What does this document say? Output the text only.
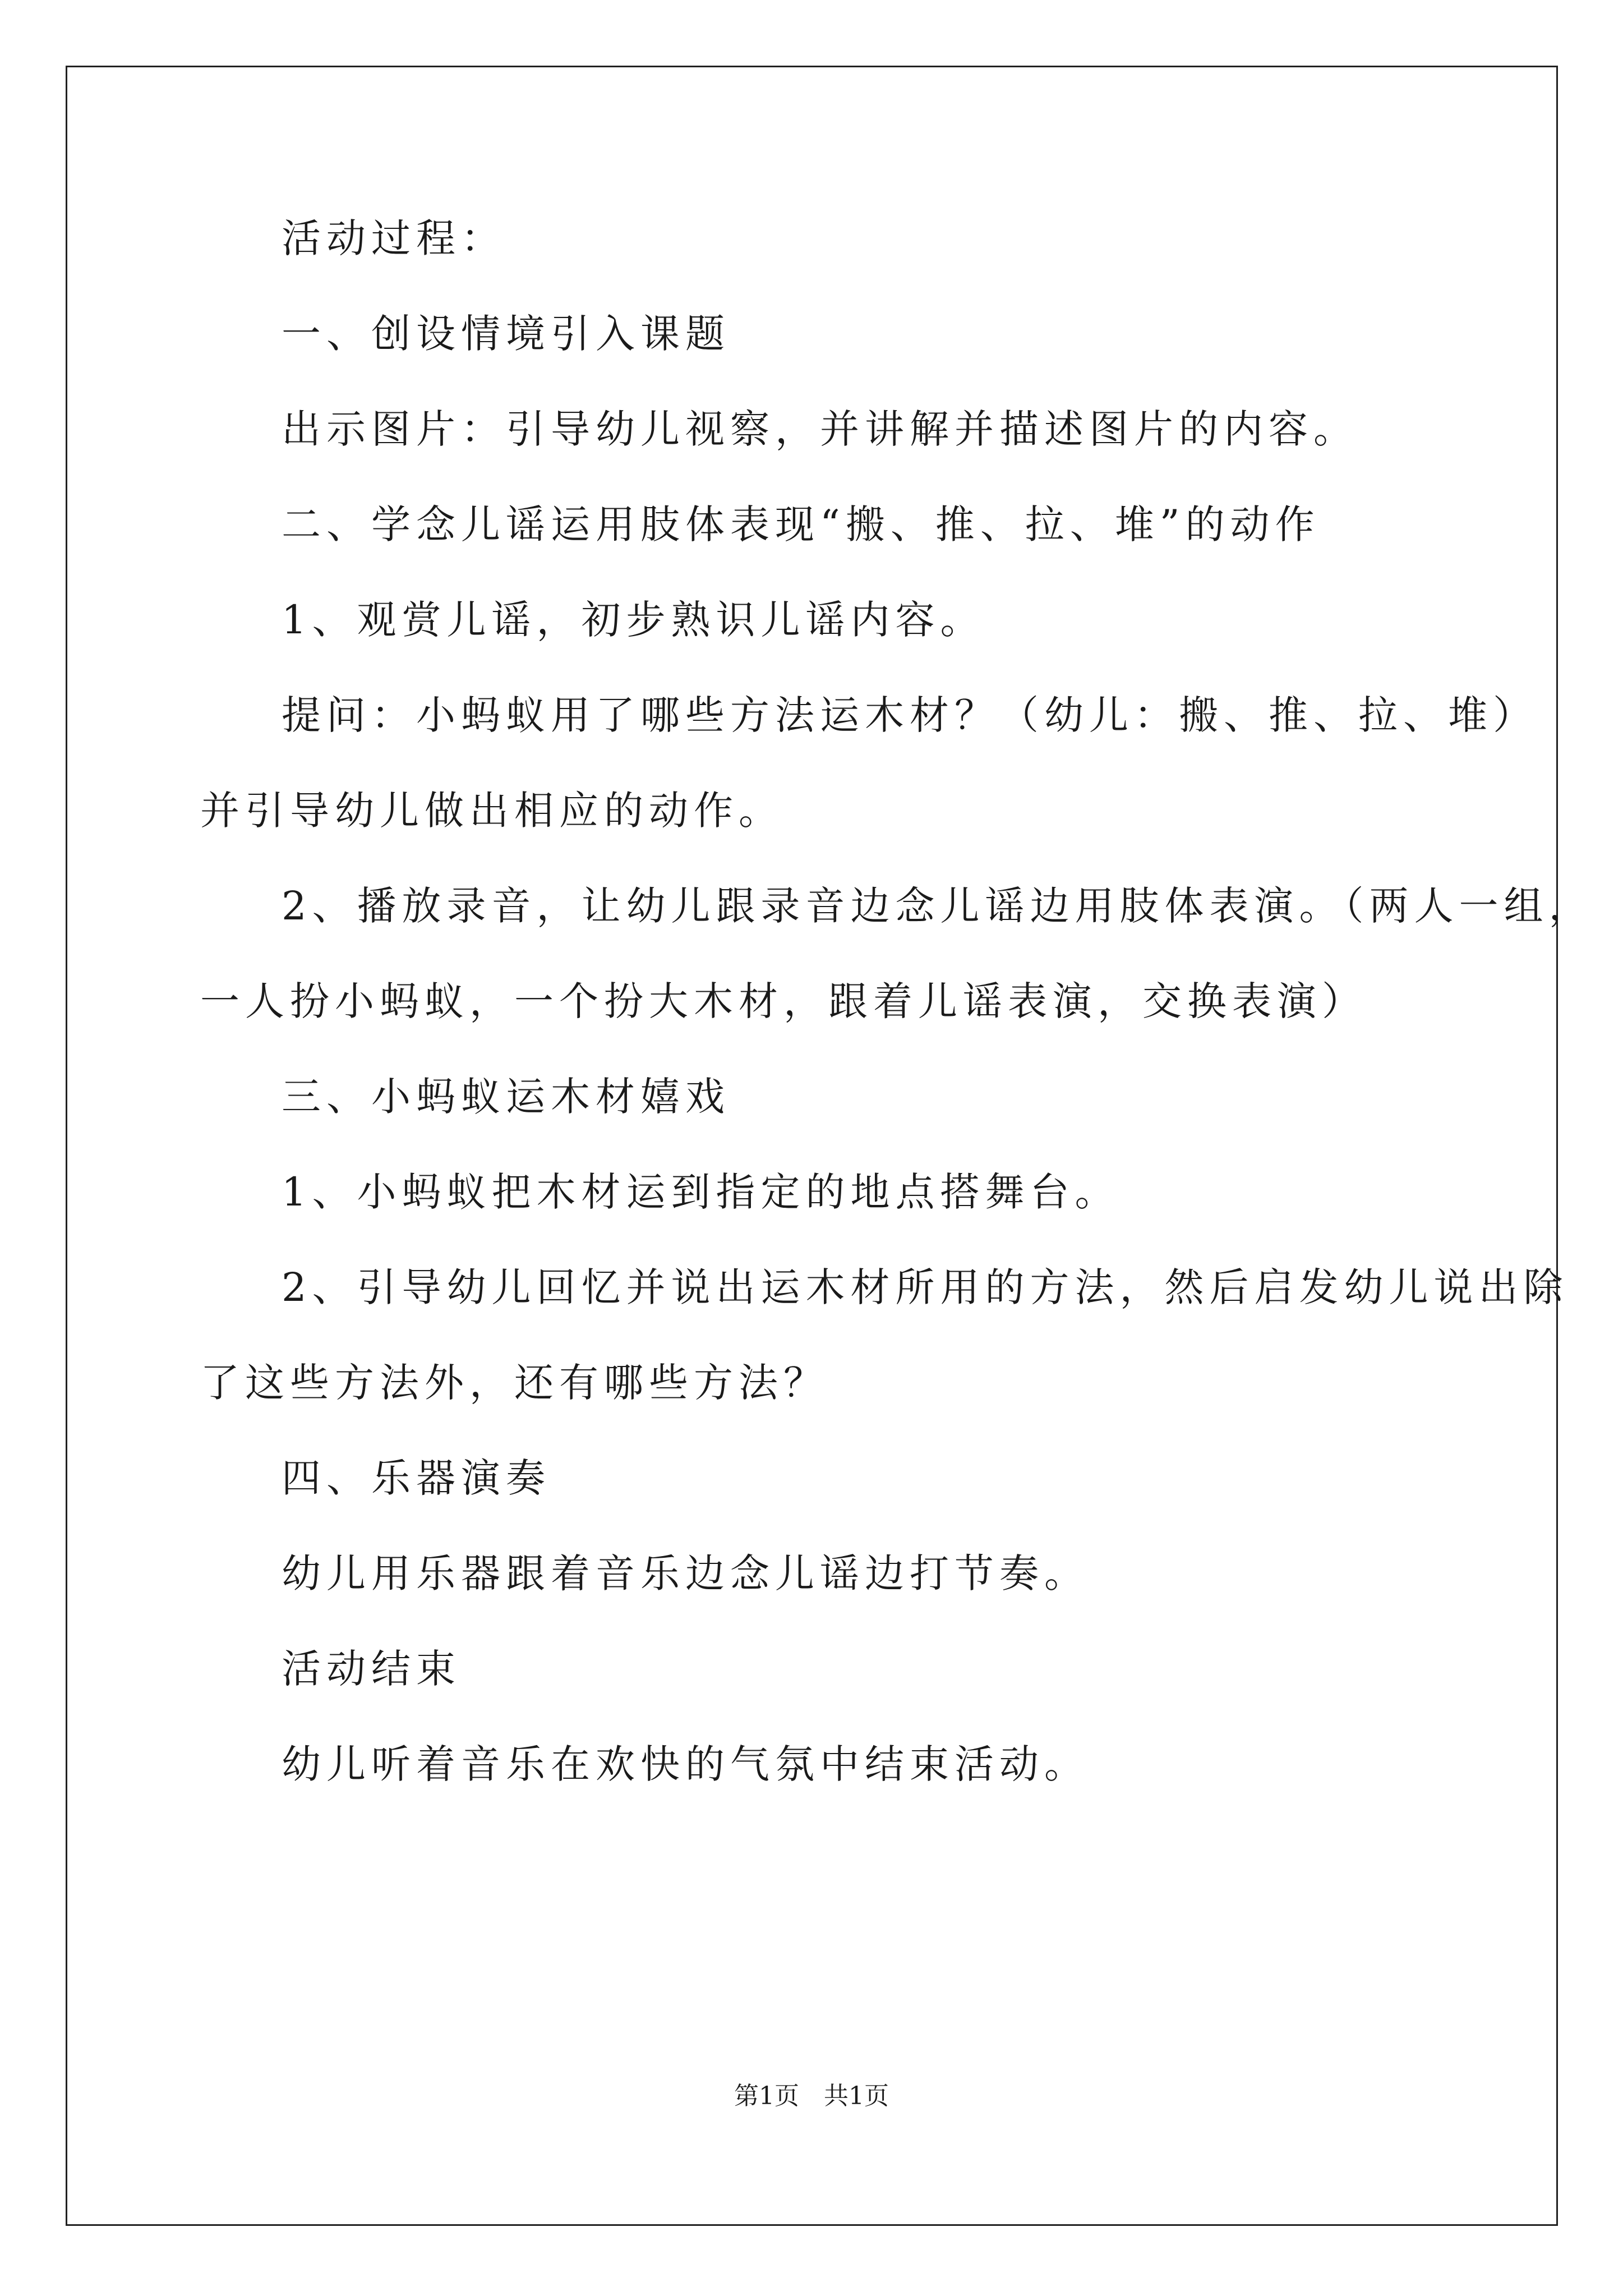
活动过程：
一、创设情境引入课题
出示图片：引导幼儿视察，并讲解并描述图片的内容。
二、学念儿谣运用肢体表现“搬、推、拉、堆”的动作
1、观赏儿谣，初步熟识儿谣内容。
提问：小蚂蚁用了哪些方法运木材？（幼儿：搬、推、拉、堆）
并引导幼儿做出相应的动作。
2、播放录音，让幼儿跟录音边念儿谣边用肢体表演。（两人一组，
一人扮小蚂蚁，一个扮大木材，跟着儿谣表演，交换表演）
三、小蚂蚁运木材嬉戏
1、小蚂蚁把木材运到指定的地点搭舞台。
2、引导幼儿回忆并说出运木材所用的方法，然后启发幼儿说出除
了这些方法外，还有哪些方法？
四、乐器演奏
幼儿用乐器跟着音乐边念儿谣边打节奏。
活动结束
幼儿听着音乐在欢快的气氛中结束活动。
第1页　共1页
